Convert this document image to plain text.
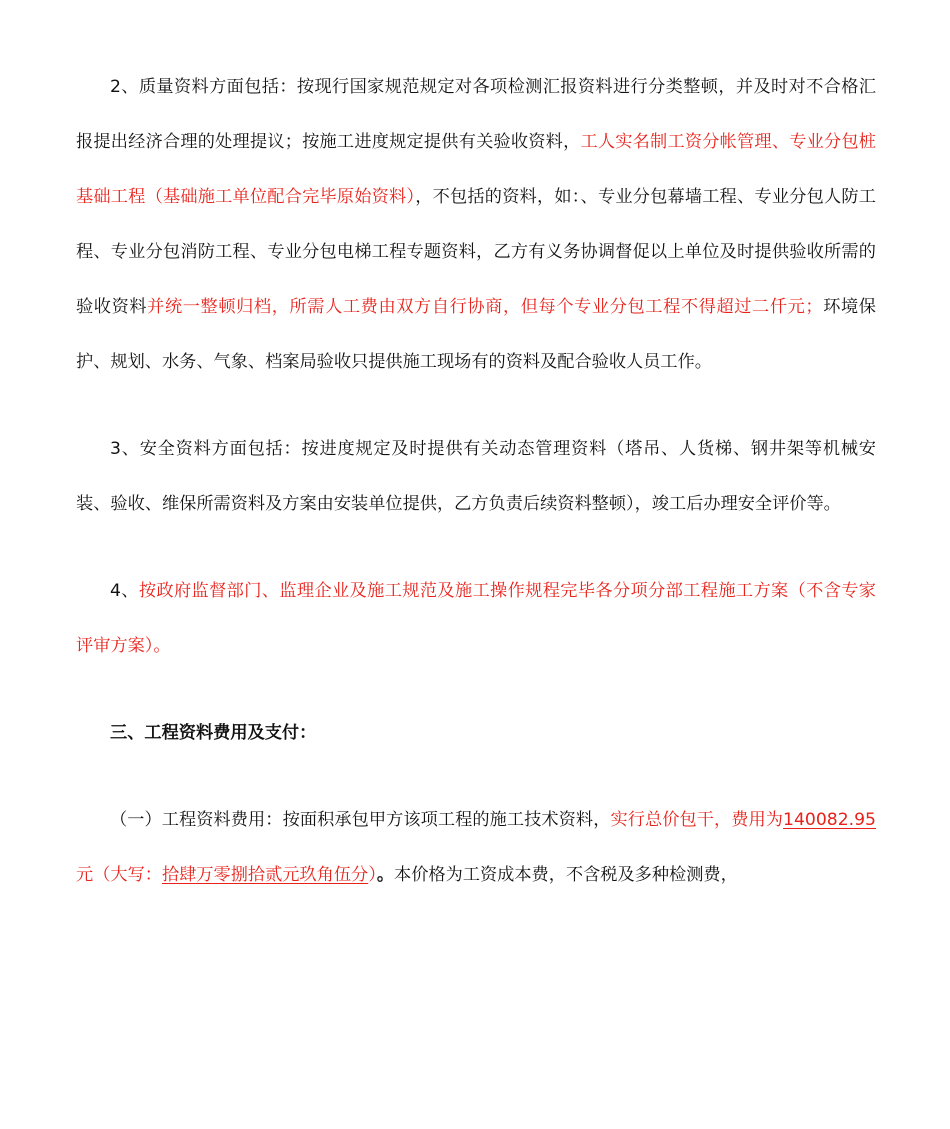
2、质量资料方面包括：按现行国家规范规定对各项检测汇报资料进行分类整顿，并及时对不合格汇报提出经济合理的处理提议；按施工进度规定提供有关验收资料，工人实名制工资分帐管理、专业分包桩基础工程（基础施工单位配合完毕原始资料），不包括的资料，如：、专业分包幕墙工程、专业分包人防工程、专业分包消防工程、专业分包电梯工程专题资料，乙方有义务协调督促以上单位及时提供验收所需的验收资料并统一整顿归档，所需人工费由双方自行协商，但每个专业分包工程不得超过二仟元；环境保护、规划、水务、气象、档案局验收只提供施工现场有的资料及配合验收人员工作。

3、安全资料方面包括：按进度规定及时提供有关动态管理资料（塔吊、人货梯、钢井架等机械安装、验收、维保所需资料及方案由安装单位提供，乙方负责后续资料整顿），竣工后办理安全评价等。

4、按政府监督部门、监理企业及施工规范及施工操作规程完毕各分项分部工程施工方案（不含专家评审方案）。

三、工程资料费用及支付：

（一）工程资料费用：按面积承包甲方该项工程的施工技术资料，实行总价包干，费用为140082.95元（大写：拾肆万零捌拾贰元玖角伍分）。本价格为工资成本费，不含税及多种检测费，
